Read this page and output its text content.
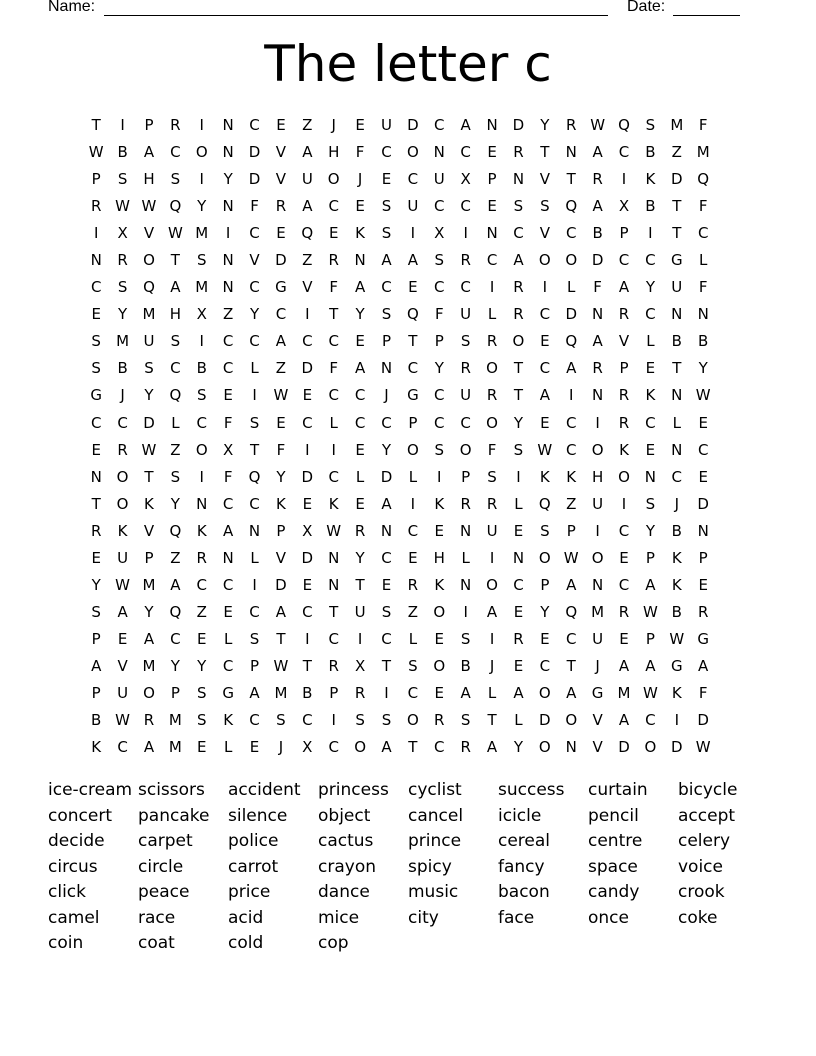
Name:	Date:
The letter c
T	I	P	R	I	N	C	E	Z	J	E	U	D	C	A	N D	Y	R W Q	S	M	F
W B	A	C	O N D	V	A	H	F	C	O N	C	E	R	T	N	A	C	B	Z M
P	S	H	S	I	Y	D	V	U O	J	E	C	U	X	P	N	V	T	R	I	K	D Q
R W W Q	Y	N	F	R	A	C	E	S	U	C	C	E	S	S	Q	A	X	B	T	F
I	X	V W M	I	C	E	Q	E	K	S	I	X	I	N	C	V	C	B	P	I	T	C
N	R	O	T	S	N	V	D	Z	R	N	A	A	S	R	C	A	O O D	C	C	G	L
C	S	Q	A M N	C	G	V	F	A	C	E	C	C	I	R	I	L	F	A	Y	U	F
E	Y	M H	X	Z	Y	C	I	T	Y	S	Q	F	U	L	R	C	D	N	R	C	N	N
S	M U	S	I	C	C	A	C	C	E	P	T	P	S	R	O	E	Q	A	V	L	B	B
S	B	S	C	B	C	L	Z	D	F	A	N	C	Y	R	O	T	C	A	R	P	E	T	Y
G	J	Y	Q	S	E	I	W E	C	C	J	G	C	U	R	T	A	I	N	R	K	N W
C	C	D	L	C	F	S	E	C	L	C	C	P	C	C	O	Y	E	C	I	R	C	L	E
E	R W Z	O	X	T	F	I	I	E	Y	O	S	O	F	S W C	O	K	E	N	C
N O	T	S	I	F	Q	Y	D	C	L	D	L	I	P	S	I	K	K	H O N	C	E
T	O	K	Y	N	C	C	K	E	K	E	A	I	K	R	R	L	Q	Z	U	I	S	J	D
R	K	V	Q	K	A	N	P	X W R	N	C	E	N	U	E	S	P	I	C	Y	B	N
E	U	P	Z	R	N	L	V	D	N	Y	C	E	H	L	I	N O W O	E	P	K	P
Y W M A	C	C	I	D	E	N	T	E	R	K	N O	C	P	A	N	C	A	K	E
S	A	Y	Q	Z	E	C	A	C	T	U	S	Z	O	I	A	E	Y	Q M R W B	R
P	E	A	C	E	L	S	T	I	C	I	C	L	E	S	I	R	E	C	U	E	P W G
A	V M	Y	Y	C	P W T	R	X	T	S	O	B	J	E	C	T	J	A	A	G	A
P	U O	P	S	G	A M B	P	R	I	C	E	A	L	A	O	A	G M W K	F
B W R M	S	K	C	S	C	I	S	S	O	R	S	T	L	D O	V	A	C	I	D
K	C	A M	E	L	E	J	X	C	O	A	T	C	R	A	Y	O N	V	D O D W
ice-cream scissors	accident	princess	cyclist	success	curtain	bicycle
concert	pancake	silence	object	cancel	icicle	pencil	accept
decide	carpet	police	cactus	prince	cereal	centre	celery
circus	circle	carrot	crayon	spicy	fancy	space	voice
click	peace	price	dance	music	bacon	candy	crook
camel	race	acid	mice	city	face	once	coke
coin	coat	cold	cop
